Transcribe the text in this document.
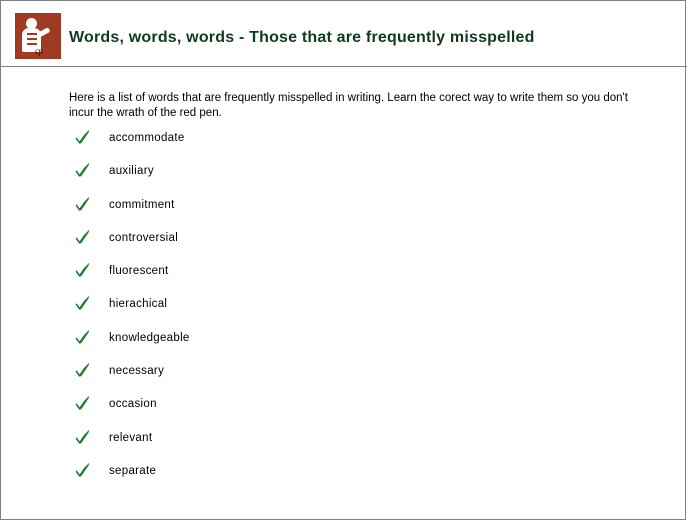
cp
Words, words, words - Those that are frequently misspelled
Here is a list of words that are frequently misspelled in writing. Learn the corect way to write them so you don't incur the wrath of the red pen.
accommodate
auxiliary
commitment
controversial
fluorescent
hierachical
knowledgeable
necessary
occasion
relevant
separate
